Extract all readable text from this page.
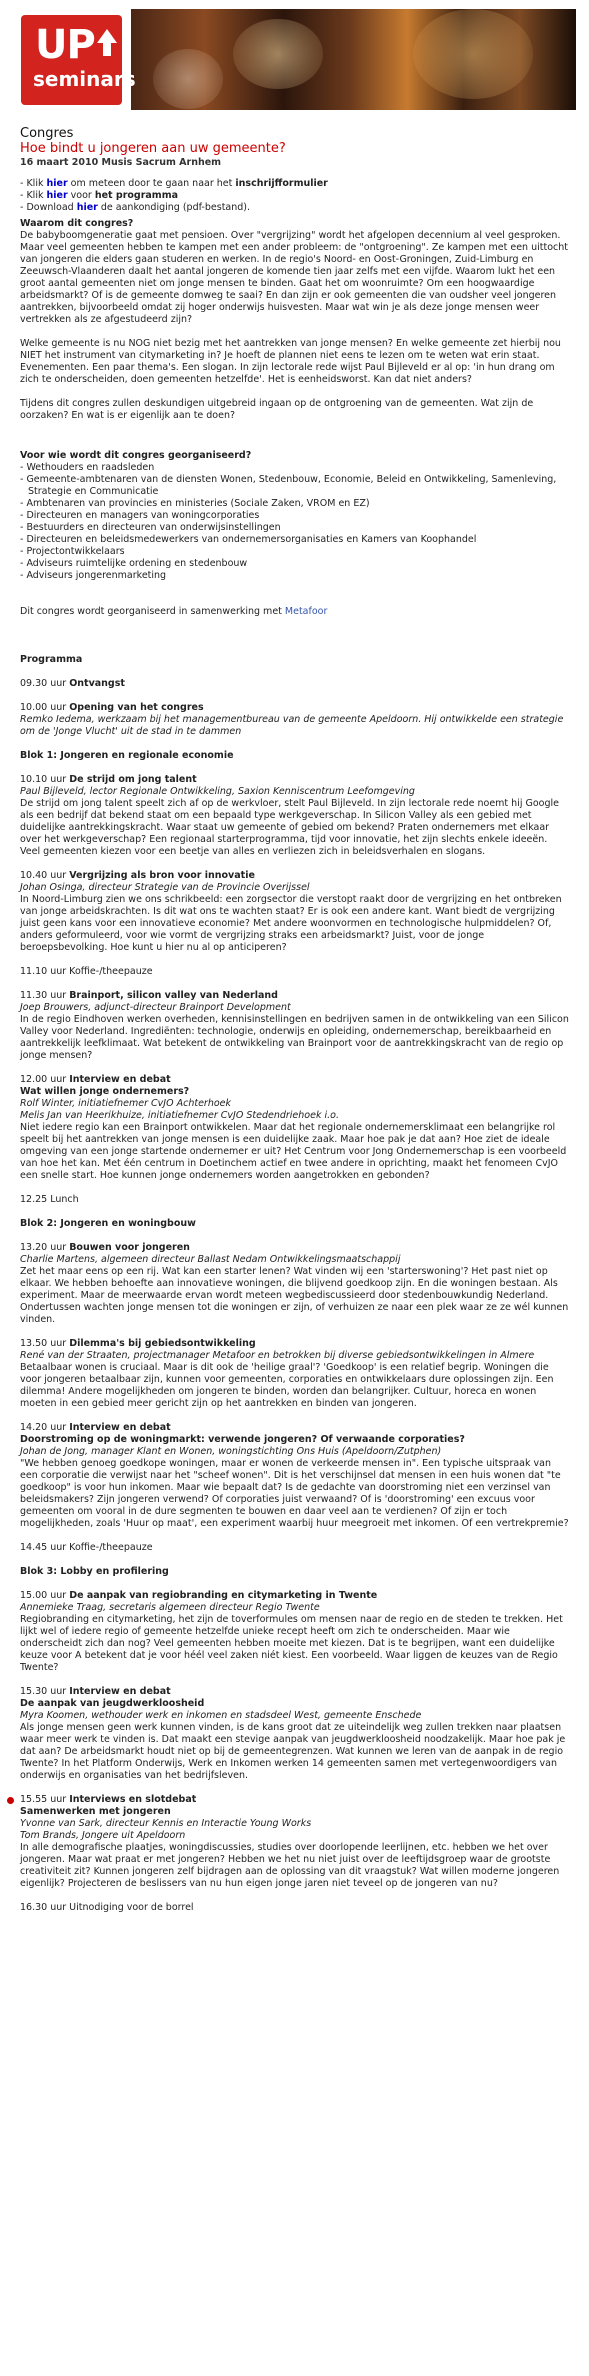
UP
seminars
Congres
Hoe bindt u jongeren aan uw gemeente?
16 maart 2010 Musis Sacrum Arnhem
- Klik hier om meteen door te gaan naar het inschrijfformulier
- Klik hier voor het programma
- Download hier de aankondiging (pdf-bestand).
Waarom dit congres?

De babyboomgeneratie gaat met pensioen. Over "vergrijzing" wordt het afgelopen decennium al veel gesproken. Maar veel gemeenten hebben te kampen met een ander probleem: de "ontgroening". Ze kampen met een uittocht van jongeren die elders gaan studeren en werken. In de regio's Noord- en Oost-Groningen, Zuid-Limburg en Zeeuwsch-Vlaanderen daalt het aantal jongeren de komende tien jaar zelfs met een vijfde. Waarom lukt het een groot aantal gemeenten niet om jonge mensen te binden. Gaat het om woonruimte? Om een hoogwaardige arbeidsmarkt? Of is de gemeente domweg te saai? En dan zijn er ook gemeenten die van oudsher veel jongeren aantrekken, bijvoorbeeld omdat zij hoger onderwijs huisvesten. Maar wat win je als deze jonge mensen weer vertrekken als ze afgestudeerd zijn?

Welke gemeente is nu NOG niet bezig met het aantrekken van jonge mensen? En welke gemeente zet hierbij nou NIET het instrument van citymarketing in? Je hoeft de plannen niet eens te lezen om te weten wat erin staat. Evenementen. Een paar thema's. Een slogan. In zijn lectorale rede wijst Paul Bijleveld er al op: 'in hun drang om zich te onderscheiden, doen gemeenten hetzelfde'. Het is eenheidsworst. Kan dat niet anders?

Tijdens dit congres zullen deskundigen uitgebreid ingaan op de ontgroening van de gemeenten. Wat zijn de oorzaken? En wat is er eigenlijk aan te doen?

Voor wie wordt dit congres georganiseerd?
- Wethouders en raadsleden
- Gemeente-ambtenaren van de diensten Wonen, Stedenbouw, Economie, Beleid en Ontwikkeling, Samenleving, Strategie en Communicatie
- Ambtenaren van provincies en ministeries (Sociale Zaken, VROM en EZ)
- Directeuren en managers van woningcorporaties
- Bestuurders en directeuren van onderwijsinstellingen
- Directeuren en beleidsmedewerkers van ondernemersorganisaties en Kamers van Koophandel
- Projectontwikkelaars
- Adviseurs ruimtelijke ordening en stedenbouw
- Adviseurs jongerenmarketing
Dit congres wordt georganiseerd in samenwerking met Metafoor
Programma
09.30 uur Ontvangst
10.00 uur Opening van het congres
Remko Iedema, werkzaam bij het managementbureau van de gemeente Apeldoorn. Hij ontwikkelde een strategie om de 'Jonge Vlucht' uit de stad in te dammen
Blok 1: Jongeren en regionale economie
10.10 uur De strijd om jong talent
Paul Bijleveld, lector Regionale Ontwikkeling, Saxion Kenniscentrum Leefomgeving
De strijd om jong talent speelt zich af op de werkvloer, stelt Paul Bijleveld. In zijn lectorale rede noemt hij Google als een bedrijf dat bekend staat om een bepaald type werkgeverschap. In Silicon Valley als een gebied met duidelijke aantrekkingskracht. Waar staat uw gemeente of gebied om bekend? Praten ondernemers met elkaar over het werkgeverschap? Een regionaal starterprogramma, tijd voor innovatie, het zijn slechts enkele ideeën. Veel gemeenten kiezen voor een beetje van alles en verliezen zich in beleidsverhalen en slogans.
10.40 uur Vergrijzing als bron voor innovatie
Johan Osinga, directeur Strategie van de Provincie Overijssel
In Noord-Limburg zien we ons schrikbeeld: een zorgsector die verstopt raakt door de vergrijzing en het ontbreken van jonge arbeidskrachten. Is dit wat ons te wachten staat? Er is ook een andere kant. Want biedt de vergrijzing juist geen kans voor een innovatieve economie? Met andere woonvormen en technologische hulpmiddelen? Of, anders geformuleerd, voor wie vormt de vergrijzing straks een arbeidsmarkt? Juist, voor de jonge beroepsbevolking. Hoe kunt u hier nu al op anticiperen?
11.10 uur Koffie-/theepauze
11.30 uur Brainport, silicon valley van Nederland
Joep Brouwers, adjunct-directeur Brainport Development
In de regio Eindhoven werken overheden, kennisinstellingen en bedrijven samen in de ontwikkeling van een Silicon Valley voor Nederland. Ingrediënten: technologie, onderwijs en opleiding, ondernemerschap, bereikbaarheid en aantrekkelijk leefklimaat. Wat betekent de ontwikkeling van Brainport voor de aantrekkingskracht van de regio op jonge mensen?
12.00 uur Interview en debat
Wat willen jonge ondernemers?
Rolf Winter, initiatiefnemer CvJO Achterhoek
Melis Jan van Heerikhuize, initiatiefnemer CvJO Stedendriehoek i.o.
Niet iedere regio kan een Brainport ontwikkelen. Maar dat het regionale ondernemersklimaat een belangrijke rol speelt bij het aantrekken van jonge mensen is een duidelijke zaak. Maar hoe pak je dat aan? Hoe ziet de ideale omgeving van een jonge startende ondernemer er uit? Het Centrum voor Jong Ondernemerschap is een voorbeeld van hoe het kan. Met één centrum in Doetinchem actief en twee andere in oprichting, maakt het fenomeen CvJO een snelle start. Hoe kunnen jonge ondernemers worden aangetrokken en gebonden?
12.25 Lunch
Blok 2: Jongeren en woningbouw
13.20 uur Bouwen voor jongeren
Charlie Martens, algemeen directeur Ballast Nedam Ontwikkelingsmaatschappij
Zet het maar eens op een rij. Wat kan een starter lenen? Wat vinden wij een 'starterswoning'? Het past niet op elkaar. We hebben behoefte aan innovatieve woningen, die blijvend goedkoop zijn. En die woningen bestaan. Als experiment. Maar de meerwaarde ervan wordt meteen wegbediscussieerd door stedenbouwkundig Nederland. Ondertussen wachten jonge mensen tot die woningen er zijn, of verhuizen ze naar een plek waar ze ze wél kunnen vinden.
13.50 uur Dilemma's bij gebiedsontwikkeling
René van der Straaten, projectmanager Metafoor en betrokken bij diverse gebiedsontwikkelingen in Almere
Betaalbaar wonen is cruciaal. Maar is dit ook de 'heilige graal'? 'Goedkoop' is een relatief begrip. Woningen die voor jongeren betaalbaar zijn, kunnen voor gemeenten, corporaties en ontwikkelaars dure oplossingen zijn. Een dilemma! Andere mogelijkheden om jongeren te binden, worden dan belangrijker. Cultuur, horeca en wonen moeten in een gebied meer gericht zijn op het aantrekken en binden van jongeren.
14.20 uur Interview en debat
Doorstroming op de woningmarkt: verwende jongeren? Of verwaande corporaties?
Johan de Jong, manager Klant en Wonen, woningstichting Ons Huis (Apeldoorn/Zutphen)
"We hebben genoeg goedkope woningen, maar er wonen de verkeerde mensen in". Een typische uitspraak van een corporatie die verwijst naar het "scheef wonen". Dit is het verschijnsel dat mensen in een huis wonen dat "te goedkoop" is voor hun inkomen. Maar wie bepaalt dat? Is de gedachte van doorstroming niet een verzinsel van beleidsmakers? Zijn jongeren verwend? Of corporaties juist verwaand? Of is 'doorstroming' een excuus voor gemeenten om vooral in de dure segmenten te bouwen en daar veel aan te verdienen? Of zijn er toch mogelijkheden, zoals 'Huur op maat', een experiment waarbij huur meegroeit met inkomen. Of een vertrekpremie?
14.45 uur Koffie-/theepauze
Blok 3: Lobby en profilering
15.00 uur De aanpak van regiobranding en citymarketing in Twente
Annemieke Traag, secretaris algemeen directeur Regio Twente
Regiobranding en citymarketing, het zijn de toverformules om mensen naar de regio en de steden te trekken. Het lijkt wel of iedere regio of gemeente hetzelfde unieke recept heeft om zich te onderscheiden. Maar wie onderscheidt zich dan nog? Veel gemeenten hebben moeite met kiezen. Dat is te begrijpen, want een duidelijke keuze voor A betekent dat je voor héél veel zaken niét kiest. Een voorbeeld. Waar liggen de keuzes van de Regio Twente?
15.30 uur Interview en debat
De aanpak van jeugdwerkloosheid
Myra Koomen, wethouder werk en inkomen en stadsdeel West, gemeente Enschede
Als jonge mensen geen werk kunnen vinden, is de kans groot dat ze uiteindelijk weg zullen trekken naar plaatsen waar meer werk te vinden is. Dat maakt een stevige aanpak van jeugdwerkloosheid noodzakelijk. Maar hoe pak je dat aan? De arbeidsmarkt houdt niet op bij de gemeentegrenzen. Wat kunnen we leren van de aanpak in de regio Twente? In het Platform Onderwijs, Werk en Inkomen werken 14 gemeenten samen met vertegenwoordigers van onderwijs en organisaties van het bedrijfsleven.
15.55 uur Interviews en slotdebat
Samenwerken met jongeren
Yvonne van Sark, directeur Kennis en Interactie Young Works
Tom Brands, Jongere uit Apeldoorn
In alle demografische plaatjes, woningdiscussies, studies over doorlopende leerlijnen, etc. hebben we het over jongeren. Maar wat praat er met jongeren? Hebben we het nu niet juist over de leeftijdsgroep waar de grootste creativiteit zit? Kunnen jongeren zelf bijdragen aan de oplossing van dit vraagstuk? Wat willen moderne jongeren eigenlijk? Projecteren de beslissers van nu hun eigen jonge jaren niet teveel op de jongeren van nu?
16.30 uur Uitnodiging voor de borrel
